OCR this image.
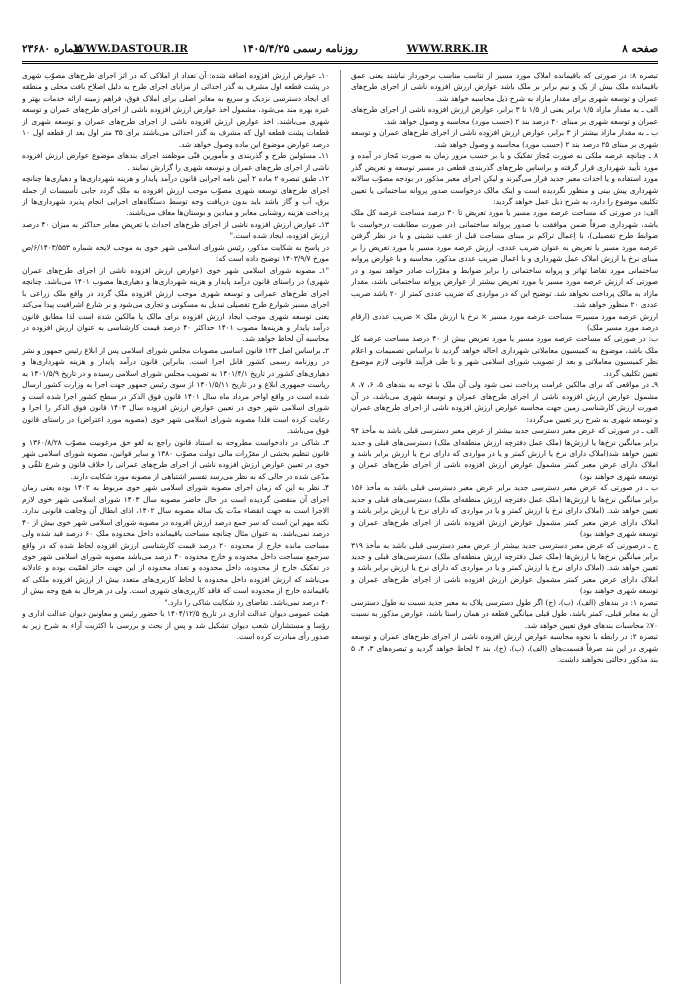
صفحه ۸
WWW.RRK.IR
روزنامه رسمی ۱۴۰۵/۴/۲۵
WWW.DASTOUR.IR
شماره ۲۳۶۸۰

تبصره ۸: در صورتی که باقیمانده املاک مورد مسیر از تناسب مناسب برخوردار نباشند یعنی عمق باقیمانده ملک بیش از یک و نیم برابر بر ملک باشد عوارض ارزش افزوده ناشی از اجرای طرح‌های عمران و توسعه شهری برای مقدار مازاد به شرح ذیل محاسبه خواهد شد.

الف ـ به مقدار مازاد ۱/۵ برابر یعنی از ۱/۵ تا ۳ برابر، عوارض ارزش افزوده ناشی از اجرای طرح‌های عمران و توسعه شهری بر مبنای ۴۰ درصد بند ۲ (حسب مورد) محاسبه و وصول خواهد شد.

ب ـ به مقدار مازاد بیشتر از ۳ برابر، عوارض ارزش افزوده ناشی از اجرای طرح‌های عمران و توسعه شهری بر مبنای ۲۵ درصد بند ۲ (حسب مورد) محاسبه و وصول خواهد شد.

۸ ـ چنانچه عرصه ملکی به صورت مُجاز تفکیک و یا بر حسب مرور زمان به صورت مُجاز در آمده و مورد تأیید شهرداری قرار گرفته و براساس طرح‌های گذربندی قطعی در مسیر توسعه و تعریض گذر مورد استفاده و یا احداث معبر جدید قرار می‌گیرند و لیکن اجرای معبر مذکور در بودجه مصوّب سالانه شهرداری پیش بینی و منظور نگردیده است و اینک مالک درخواست صدور پروانه ساختمانی یا تعیین تکلیف موضوع را دارد، به شرح ذیل عمل خواهد گردید:

الف: در صورتی که مساحت عرصه مورد مسیر یا مورد تعریض تا ۳۰ درصد مساحت عرصه کل ملک باشد، شهرداری صرفاً ضمن موافقت با صدور پروانه ساختمانی (در صورت مطابقت درخواست با ضوابط طرح تفصیلی)، با اِعمال تراکم بر مبنای مساحت قبل از عقب نشینی و با در نظر گرفتن عرصه مورد مسیر یا تعریض به عنوان ضریب عددی، ارزش عرصه مورد مسیر یا مورد تعریض را بر مبنای نرخ یا ارزش املاک عمل شهرداری و با اعمال ضریب عددی مذکور، محاسبه و با عوارض پروانه ساختمانی مورد تقاضا تهاتر و پروانه ساختمانی را برابر ضوابط و مقرّرات صادر خواهد نمود و در صورتی که ارزش عرصه مورد مسیر یا مورد تعریض بیشتر از عوارض پروانه ساختمانی باشد، مقدار مازاد به مالک پرداخت نخواهد شد. توضیح این که در مواردی که ضریب عددی کمتر از ۲۰ باشد ضریب عددی ۲۰ منظور خواهد شد.

ارزش عرصه مورد مسیر= مساحت عرصه مورد مسیر × نرخ یا ارزش ملک × ضریب عددی (ارقام درصد مورد مسیر ملک)

ب: در صورتی که مساحت عرصه مورد مسیر یا مورد تعریض بیش از ۴۰ درصد مساحت عرصه کل ملک باشد، موضوع به کمیسیون معاملاتی شهرداری احاله خواهد گردید تا براساس تصمیمات و اعلام نظر کمیسیون معاملاتی و بعد از تصویب شورای اسلامی شهر و با طی فرآیند قانونی لازم موضوع تعیین تکلیف گردد.

۹ـ در مواقعی که برای مالکین غرامت پرداخت نمی شود ولی آن ملک با توجه به بندهای ۵، ۶، ۷، ۸ مشمول عوارض ارزش افزوده ناشی از اجرای طرح‌های عمران و توسعه شهری می‌باشد، در آن صورت ارزش کارشناسی زمین جهت محاسبه عوارض ارزش افزوده ناشی از اجرای طرح‌های عمران و توسعه شهری به شرح زیر تعیین می‌گردد:

الف ـ در صورتی که عرض معبر دسترسی جدید بیشتر از عرض معبر دسترسی قبلی باشد به مأخذ ۹۴ برابر میانگین نرخ‌ها یا ارزش‌ها (ملک عمل دفترچه ارزش منطقه‌ای ملک) دسترسی‌های قبلی و جدید تعیین خواهد شد(املاک دارای نرخ یا ارزش کمتر و یا در مواردی که دارای نرخ یا ارزش برابر باشد و املاک دارای عرض معبر کمتر مشمول عوارض ارزش افزوده ناشی از اجرای طرح‌های عمران و توسعه شهری خواهند بود)

ب ـ در صورتی که عرض معبر دسترسی جدید برابر عرض معبر دسترسی قبلی باشد به مأخذ ۱۵۶ برابر میانگین نرخ‌ها یا ارزش‌ها (ملک عمل دفترچه ارزش منطقه‌ای ملک) دسترسی‌های قبلی و جدید تعیین خواهد شد. (املاک دارای نرخ یا ارزش کمتر و یا در مواردی که دارای نرخ یا ارزش برابر باشد و املاک دارای عرض معبر کمتر مشمول عوارض ارزش افزوده ناشی از اجرای طرح‌های عمران و توسعه شهری خواهند بود)

ج ـ درصورتی که عرض معبر دسترسی جدید بیشتر از عرض معبر دسترسی قبلی باشد به مأخذ ۳۱۹ برابر میانگین نرخ‌ها یا ارزش‌ها (ملک عمل دفترچه ارزش منطقه‌ای ملک) دسترسی‌های قبلی و جدید تعیین خواهد شد. (املاک دارای نرخ یا ارزش کمتر و یا در مواردی که دارای نرخ یا ارزش برابر باشد و املاک دارای عرض معبر کمتر مشمول عوارض ارزش افزوده ناشی از اجرای طرح‌های عمران و توسعه شهری خواهند بود)

تبصره ۱: در بندهای (الف)، (ب)، (ج) اگر طول دسترسی پلاک به معبر جدید نسبت به طول دسترسی آن به معابر قبلی، کمتر باشد، طول قبلی میانگین قطعه در همان راستا باشد، عوارض مذکور به نسبت ۷۰٪ محاسبات بندهای فوق تعیین خواهد شد.

تبصره ۲: در رابطه با نحوه محاسبه عوارض ارزش افزوده ناشی از اجرای طرح‌های عمران و توسعه شهری در این بند صرفاً قسمت‌های (الف)، (ب)، (ج)، بند ۲ لحاظ خواهد گردید و تبصره‌های ۳، ۴، ۵ بند مذکور دخالتی نخواهند داشت.

۱۰ـ عوارض ارزش افزوده اضافه شده: آن تعداد از املاکی که در اثر اجرای طرح‌های مصوّب شهری در پشت قطعه اول مشرف به گذر احداثی از مزایای اجرای طرح به دلیل اصلاح بافت محلی و منطقه ای ایجاد دسترسی نزدیک و سریع به معابر اصلی برای املاک فوق، فراهم زمینه ارائه خدمات بهتر و غیره بهره مند می‌شود، مشمول اخذ عوارض ارزش افزوده ناشی از اجرای طرح‌های عمران و توسعه شهری می‌باشند. اخذ عوارض ارزش افزوده ناشی از اجرای طرح‌های عمران و توسعه شهری از قطعات پشت قطعه اول که مشرف به گذر احداثی می‌باشند برای ۳۵ متر اول بعد از قطعه اول ۱۰ درصد عوارض موضوع این ماده وصول خواهد شد.

۱۱ـ مسئولین طرح و گذربندی و مأمورین فنّی موظفند اجرای بندهای موضوع عوارض ارزش افزوده ناشی از اجرای طرح‌های عمران و توسعه شهری را گزارش نمایند .

۱۲ـ طبق تبصره ۲ ماده ۲ آیین نامه اجرایی قانون درآمد پایدار و هزینه شهرداری‌ها و دهیاری‌ها چنانچه اجرای طرح‌های توسعه شهری مصوّب موجب ارزش افزوده به ملک گردد جابی تأسیسات از جمله برق، آب و گاز باشد باید بدون دریافت وجه توسط دستگاه‌های اجرایی انجام پذیرد شهرداری‌ها از پرداخت هزینه روشنایی معابر و میادین و بوستان‌ها معاف می‌باشند.

۱۳ـ عوارض ارزش افزوده ناشی از اجرای طرح‌های احداث یا تعریض معابر حداکثر به میزان ۴۰ درصد ارزش افزوده، ایجاد شده است."

در پاسخ به شکایت مذکور، رئیس شورای اسلامی شهر خوی به موجب لایحه شماره ۶/۱۴۰۳/۵۵۳/ص مورخ ۱۴۰۳/۹/۷ توضیح داده است که:

"۱ـ مصوبه شورای اسلامی شهر خوی (عوارض ارزش افزوده ناشی از اجرای طرح‌های عمران شهری) در راستای قانون درآمد پایدار و هزینه شهرداری‌ها و دهیاری‌ها مصوب ۱۴۰۱ می‌باشد. چنانچه اجرای طرح‌های عمرانی و توسعه شهری موجب ارزش افزوده ملک گردد در واقع ملک زراعی با اجرای مسیر شوارع طرح تفصیلی تبدیل به مسکونی و تجاری می‌شود و بر شارع اشرافیت پیدا می‌کند یعنی توسعه شهری موجب ایجاد ارزش افزوده برای مالک یا مالکین شده است لذا مطابق قانون درآمد پایدار و هزینه‌ها مصوب ۱۴۰۱ حداکثر ۴۰ درصد قیمت کارشناسی به عنوان ارزش افزوده در محاسبه آن لحاظ خواهد شد.

۲ـ براساس اصل ۱۲۳ قانون اساسی مصوبات مجلس شورای اسلامی پس از ابلاغ رئیس جمهور و نشر در روزنامه رسمی کشور قابل اجرا است. بنابراین قانون درآمد پایدار و هزینه شهرداری‌ها و دهیاری‌های کشور در تاریخ ۱۴۰۱/۴/۱ به تصویب مجلس شورای اسلامی رسیده و در تاریخ ۱۴۰۱/۵/۹ به ریاست جمهوری ابلاغ و در تاریخ ۱۴۰۱/۵/۱۱ از سوی رئیس جمهور جهت اجرا به وزارت کشور ارسال شده است در واقع اواخر مرداد ماه سال ۱۴۰۱ قانون فوق الذکر در سطح کشور اجرا شده است و شورای اسلامی شهر خوی در تعیین عوارض ارزش افزوده سال ۱۴۰۳ قانون فوق الذکر را اجرا و رعایت کرده است فلذا مصوبه شورای اسلامی شهر خوی (مصوبه مورد اعتراض) در راستای قانون فوق می‌باشد.

۳ـ شاکی در دادخواست مطروحه به استناد قانون راجع به لغو حق مرغوبیت مصوّب ۱۳۶۰/۸/۲۸ و قانون تنظیم بخشی از مقرّرات مالی دولت مصوّب ۱۳۸۰ و سایر قوانین، مصوبه شورای اسلامی شهر خوی در تعیین عوارض ارزش افزوده ناشی از اجرای طرح‌های عمرانی را خلاف قانون و شرع تلقّی و مدّعی شده در حالی که به نظر می‌رسد تفسیر اشتباهی از مصوبه مورد شکایت دارند.

۴ـ نظر به این که زمان اجرای مصوبه شورای اسلامی شهر خوی مربوط به ۱۴۰۲ بوده یعنی زمان اجرای آن منقضی گردیده است در حال حاضر مصوبه سال ۱۴۰۳ شورای اسلامی شهر خوی لازم الاجرا است به جهت انقضاء مدّت یک ساله مصوبه سال ۱۴۰۲، اذای ابطال آن وجاهت قانونی ندارد. نکته مهم این است که سر جمع درصد ارزش افزوده در مصوبه شورای اسلامی شهر خوی بیش از ۴۰ درصد نمی‌باشد. به عنوان مثال چنانچه مساحت باقیمانده داخل محدوده ملک ۶۰ درصد قید شده ولی مساحت مانده خارج از محدوده ۲۰ درصد قیمت کارشناسی ارزش افزوده لحاظ شده که در واقع سرجمع مساحت داخل محدوده و خارج محدوده ۴۰ درصد می‌باشد مصوبه شورای اسلامی شهر خوی در تفکیک خارج از محدوده، داخل محدوده و تعداد محدوده از این جهت حائز اهمّیت بوده و عادلانه می‌باشد که ارزش افزوده داخل محدوده با لحاظ کاربری‌های متعدد بیش از ارزش افزوده ملکی که باقیمانده خارج از محدوده است که فاقد کاربری‌های شهری است. ولی در هرحال به هیچ وجه بیش از ۴۰ درصد نمی‌باشد. تقاضای رد شکایت شاکی را دارد."

هیئت عمومی دیوان عدالت اداری در تاریخ ۱۴۰۴/۱۲/۵ با حضور رئیس و معاونین دیوان عدالت اداری و رؤسا و مستشاران شعب دیوان تشکیل شد و پس از بحث و بررسی با اکثریت آراء به شرح زیر به صدور رأی مبادرت کرده است.
